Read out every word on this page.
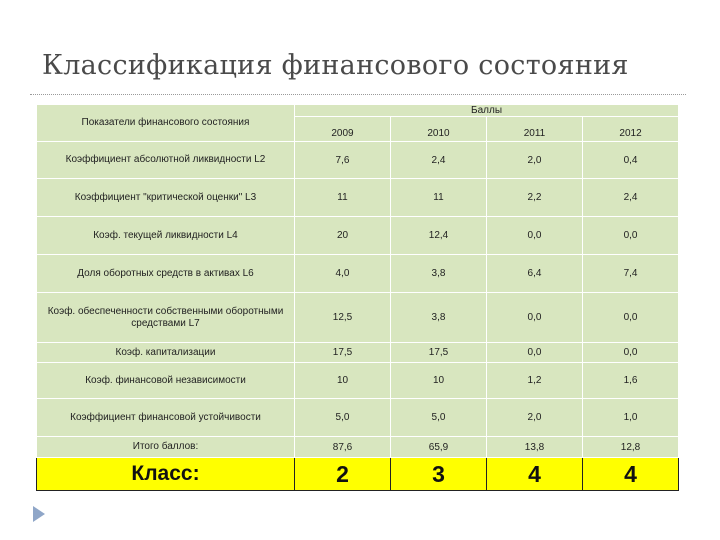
Классификация финансового состояния
Показатели финансового состояния	Баллы			
	2009	2010	2011	2012
Коэффициент абсолютной ликвидности L2	7,6	2,4	2,0	0,4
Коэффициент "критической оценки" L3	11	11	2,2	2,4
Коэф. текущей ликвидности L4	20	12,4	0,0	0,0
Доля оборотных средств в активах L6	4,0	3,8	6,4	7,4
Коэф. обеспеченности собственными оборотными средствами L7	12,5	3,8	0,0	0,0
Коэф. капитализации	17,5	17,5	0,0	0,0
Коэф. финансовой независимости	10	10	1,2	1,6
Коэффициент финансовой устойчивости	5,0	5,0	2,0	1,0
Итого баллов:	87,6	65,9	13,8	12,8
Класс:	2	3	4	4
